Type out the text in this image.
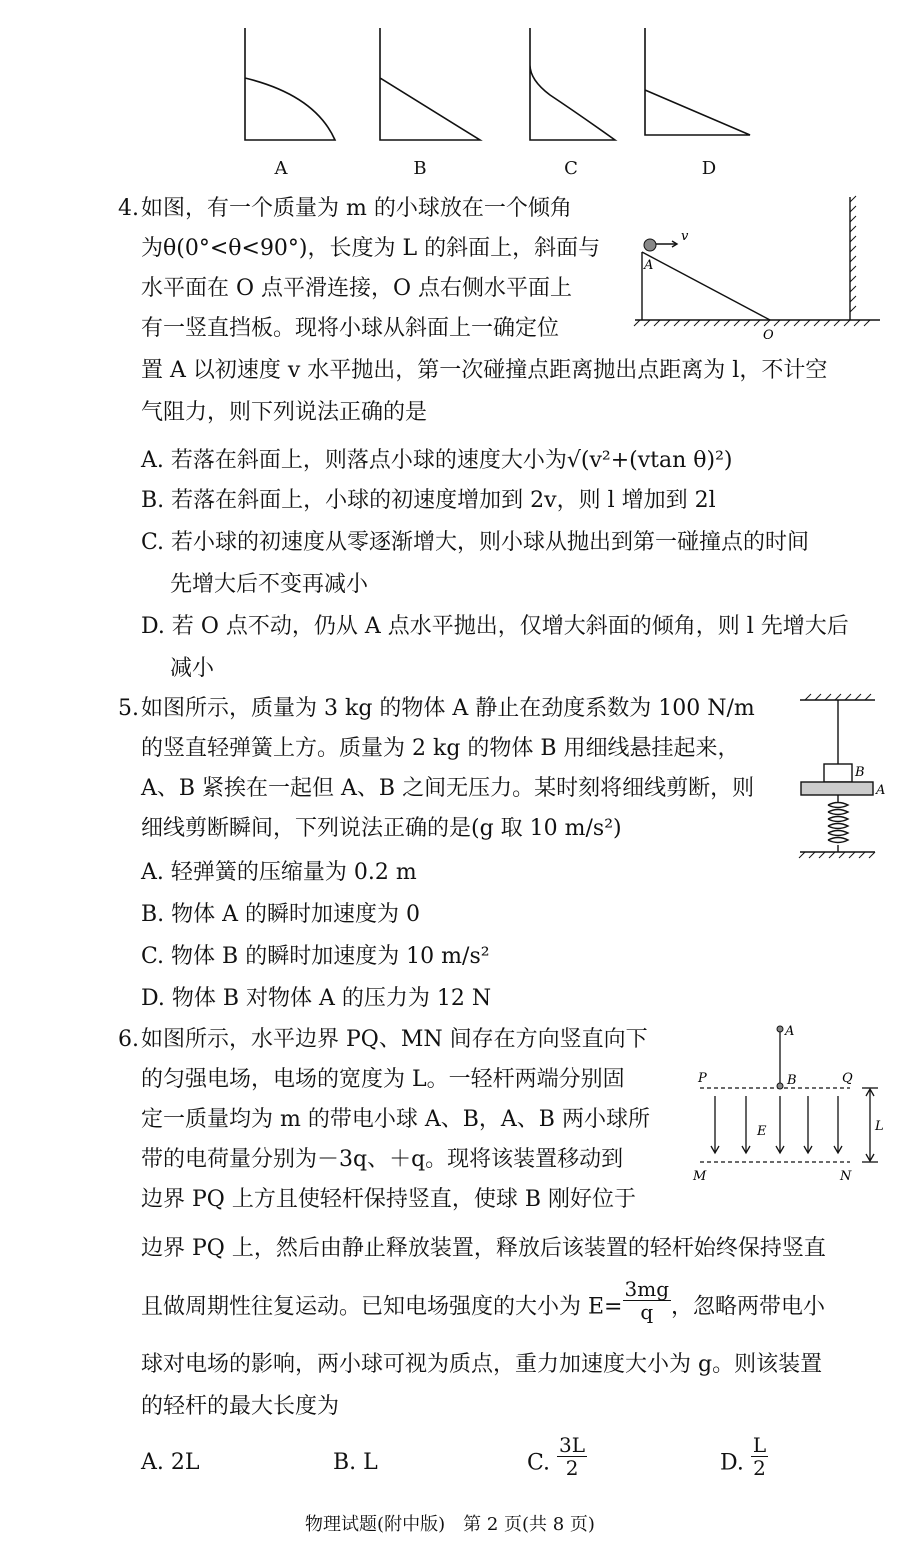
A	B	C	D
4. 如图，有一个质量为 m 的小球放在一个倾角
为θ(0°<θ<90°)，长度为 L 的斜面上，斜面与
水平面在 O 点平滑连接，O 点右侧水平面上
有一竖直挡板。现将小球从斜面上一确定位
置 A 以初速度 v 水平抛出，第一次碰撞点距离抛出点距离为 l，不计空
气阻力，则下列说法正确的是
A
v
O
A. 若落在斜面上，则落点小球的速度大小为√(v²+(vtan θ)²)
B. 若落在斜面上，小球的初速度增加到 2v，则 l 增加到 2l
C. 若小球的初速度从零逐渐增大，则小球从抛出到第一碰撞点的时间
先增大后不变再减小
D. 若 O 点不动，仍从 A 点水平抛出，仅增大斜面的倾角，则 l 先增大后
减小
5. 如图所示，质量为 3 kg 的物体 A 静止在劲度系数为 100 N/m
的竖直轻弹簧上方。质量为 2 kg 的物体 B 用细线悬挂起来，
A、B 紧挨在一起但 A、B 之间无压力。某时刻将细线剪断，则
细线剪断瞬间，下列说法正确的是(g 取 10 m/s²)
B
A
A. 轻弹簧的压缩量为 0.2 m
B. 物体 A 的瞬时加速度为 0
C. 物体 B 的瞬时加速度为 10 m/s²
D. 物体 B 对物体 A 的压力为 12 N
6. 如图所示，水平边界 PQ、MN 间存在方向竖直向下
的匀强电场，电场的宽度为 L。一轻杆两端分别固
定一质量均为 m 的带电小球 A、B，A、B 两小球所
带的电荷量分别为－3q、＋q。现将该装置移动到
边界 PQ 上方且使轻杆保持竖直，使球 B 刚好位于
边界 PQ 上，然后由静止释放装置，释放后该装置的轻杆始终保持竖直
且做周期性往复运动。已知电场强度的大小为 $E= \frac{3mg}{q}$ ，忽略两带电小
球对电场的影响，两小球可视为质点，重力加速度大小为 g。则该装置
的轻杆的最大长度为
A
B
P	Q
M	N
E	L
A. 2L	B. L	C. $\frac{3L}{2}$	D. $\frac{L}{2}$
物理试题(附中版)　第 2 页(共 8 页)
